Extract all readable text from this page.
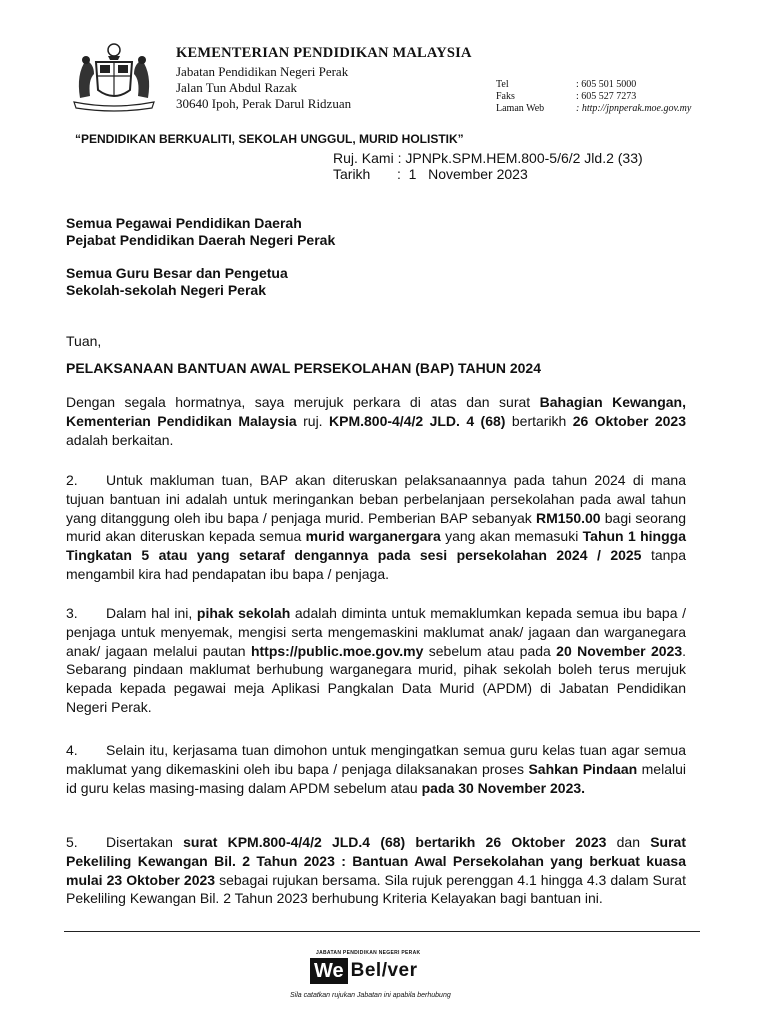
KEMENTERIAN PENDIDIKAN MALAYSIA
Jabatan Pendidikan Negeri Perak
Jalan Tun Abdul Razak
30640 Ipoh, Perak Darul Ridzuan
Tel	: 605 501 5000
Faks	: 605 527 7273
Laman Web	: http://jpnperak.moe.gov.my
“PENDIDIKAN BERKUALITI, SEKOLAH UNGGUL, MURID HOLISTIK”
Ruj. Kami : JPNPk.SPM.HEM.800-5/6/2 Jld.2 (33)
Tarikh :  1   November 2023
Semua Pegawai Pendidikan Daerah
Pejabat Pendidikan Daerah Negeri Perak
Semua Guru Besar dan Pengetua
Sekolah-sekolah Negeri Perak
Tuan,
PELAKSANAAN BANTUAN AWAL PERSEKOLAHAN (BAP) TAHUN 2024
Dengan segala hormatnya, saya merujuk perkara di atas dan surat Bahagian Kewangan, Kementerian Pendidikan Malaysia ruj. KPM.800-4/4/2 JLD. 4 (68) bertarikh 26 Oktober 2023 adalah berkaitan.
2. Untuk makluman tuan, BAP akan diteruskan pelaksanaannya pada tahun 2024 di mana tujuan bantuan ini adalah untuk meringankan beban perbelanjaan persekolahan pada awal tahun yang ditanggung oleh ibu bapa / penjaga murid. Pemberian BAP sebanyak RM150.00 bagi seorang murid akan diteruskan kepada semua murid warganergara yang akan memasuki Tahun 1 hingga Tingkatan 5 atau yang setaraf dengannya pada sesi persekolahan 2024 / 2025 tanpa mengambil kira had pendapatan ibu bapa / penjaga.
3. Dalam hal ini, pihak sekolah adalah diminta untuk memaklumkan kepada semua ibu bapa / penjaga untuk menyemak, mengisi serta mengemaskini maklumat anak/ jagaan dan warganegara anak/ jagaan melalui pautan https://public.moe.gov.my sebelum atau pada 20 November 2023. Sebarang pindaan maklumat berhubung warganegara murid, pihak sekolah boleh terus merujuk kepada kepada pegawai meja Aplikasi Pangkalan Data Murid (APDM) di Jabatan Pendidikan Negeri Perak.
4. Selain itu, kerjasama tuan dimohon untuk mengingatkan semua guru kelas tuan agar semua maklumat yang dikemaskini oleh ibu bapa / penjaga dilaksanakan proses Sahkan Pindaan melalui id guru kelas masing-masing dalam APDM sebelum atau pada 30 November 2023.
5. Disertakan surat KPM.800-4/4/2 JLD.4 (68) bertarikh 26 Oktober 2023 dan Surat Pekeliling Kewangan Bil. 2 Tahun 2023 : Bantuan Awal Persekolahan yang berkuat kuasa mulai 23 Oktober 2023 sebagai rujukan bersama. Sila rujuk perenggan 4.1 hingga 4.3 dalam Surat Pekeliling Kewangan Bil. 2 Tahun 2023 berhubung Kriteria Kelayakan bagi bantuan ini.
JABATAN PENDIDIKAN NEGERI PERAK
We Bel/ver
Sila catatkan rujukan Jabatan ini apabila berhubung
